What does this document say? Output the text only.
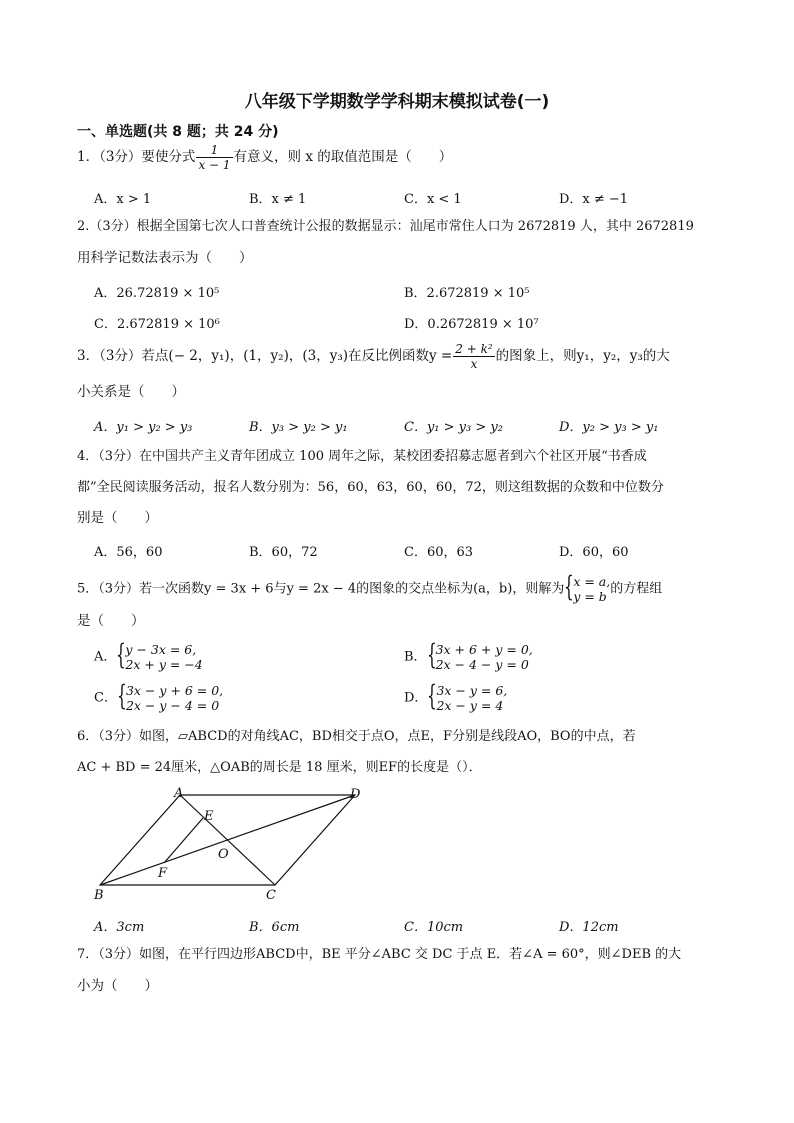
八年级下学期数学学科期末模拟试卷(一)
一、单选题(共 8 题；共 24 分)
1．（3分）要使分式 $\frac{1}{x - 1}$ 有意义，则 x 的取值范围是（　　）
A．x > 1	B．x ≠ 1	C．x < 1	D．x ≠ −1
2.（3分）根据全国第七次人口普查统计公报的数据显示：汕尾市常住人口为 2672819 人，其中 2672819
用科学记数法表示为（　　）
A．26.72819 × 10⁵	B．2.672819 × 10⁵
C．2.672819 × 10⁶	D．0.2672819 × 10⁷
3．（3分）若点(− 2，y₁)，(1，y₂)，(3，y₃)在反比例函数$y = \frac{\text{2 + k²}}{x}$ 的图象上，则y₁，y₂，y₃的大
小关系是（　　）
A．y₁ > y₂ > y₃	B．y₃ > y₂ > y₁	C．y₁ > y₃ > y₂	D．y₂ > y₃ > y₁
4．（3分）在中国共产主义青年团成立 100 周年之际，某校团委招募志愿者到六个社区开展“书香成
都”全民阅读服务活动，报名人数分别为：56，60，63，60，60，72，则这组数据的众数和中位数分
别是（　　）
A．56，60	B．60，72	C．60，63	D．60，60
5．（3分）若一次函数y = 3x + 6与y = 2x − 4的图象的交点坐标为(a，b)，则解为 { x = a,
y = b 的方程组
是（　　）
A． { y − 3x = 6,
2x + y = −4	B． { 3x + 6 + y = 0,
2x − 4 − y = 0
C． { 3x − y + 6 = 0,
2x − y − 4 = 0	D． { 3x − y = 6,
2x − y = 4
6．（3分）如图，▱ABCD的对角线AC，BD相交于点O，点E，F分别是线段AO，BO的中点，若
AC + BD = 24厘米，△OAB的周长是 18 厘米，则EF的长度是（）．
A	D
E
O
F
B	C
A．3cm	B．6cm	C．10cm	D．12cm
7．（3分）如图，在平行四边形ABCD中，BE 平分∠ABC 交 DC 于点 E．若∠A = 60°，则∠DEB 的大
小为（　　）
